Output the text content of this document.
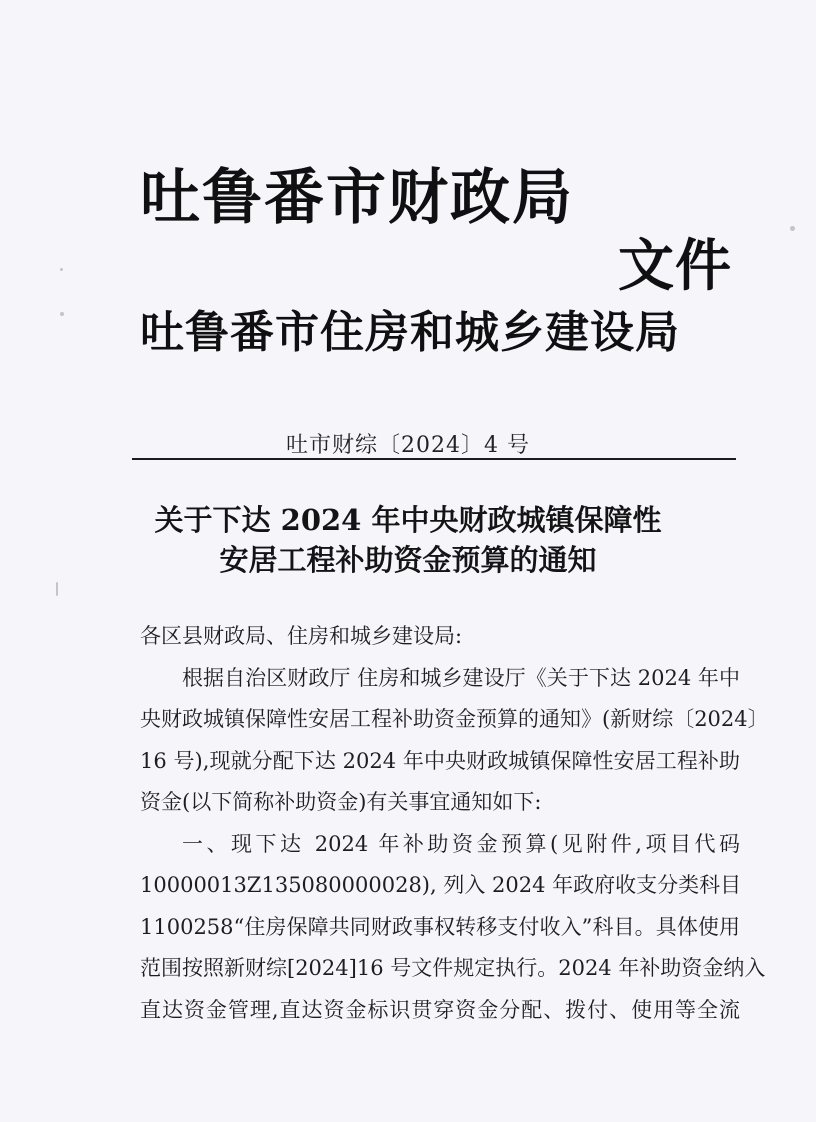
吐鲁番市财政局
文件
吐鲁番市住房和城乡建设局
吐市财综〔2024〕4 号
关于下达 2024 年中央财政城镇保障性
安居工程补助资金预算的通知
各区县财政局、住房和城乡建设局:
根据自治区财政厅 住房和城乡建设厅《关于下达 2024 年中
央财政城镇保障性安居工程补助资金预算的通知》(新财综〔2024〕
16 号),现就分配下达 2024 年中央财政城镇保障性安居工程补助
资金(以下简称补助资金)有关事宜通知如下:
一、现下达 2024 年补助资金预算(见附件,项目代码
10000013Z135080000028), 列入 2024 年政府收支分类科目
1100258“住房保障共同财政事权转移支付收入”科目。具体使用
范围按照新财综[2024]16 号文件规定执行。2024 年补助资金纳入
直达资金管理,直达资金标识贯穿资金分配、拨付、使用等全流
